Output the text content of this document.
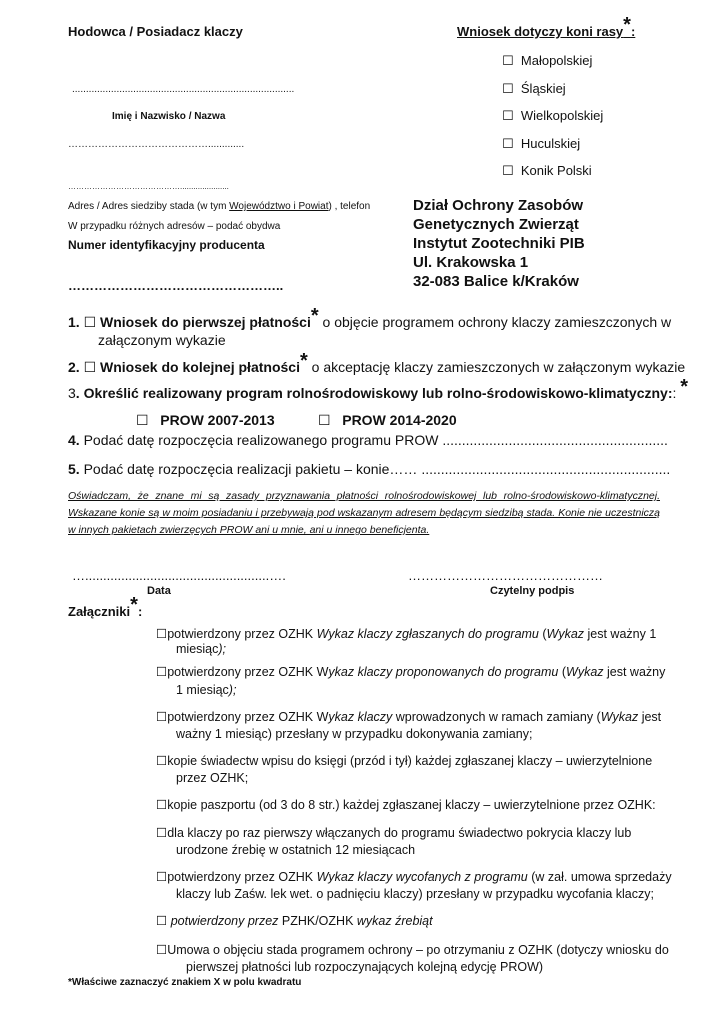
Hodowca / Posiadacz klaczy	Wniosek dotyczy koni rasy*:
☐ Małopolskiej
☐ Śląskiej
☐ Wielkopolskiej
☐ Huculskiej
☐ Konik Polski
................................................................................
Imię i Nazwisko / Nazwa
…………………………………….............
……………………………………......................
Adres / Adres siedziby stada (w tym Województwo i Powiat) , telefon
W przypadku różnych adresów – podać obydwa
Numer identyfikacyjny producenta
…………………………………………..
Dział Ochrony Zasobów
Genetycznych Zwierząt
Instytut Zootechniki PIB
Ul. Krakowska 1
32-083 Balice k/Kraków
1. ☐ Wniosek do pierwszej płatności* o objęcie programem ochrony klaczy zamieszczonych w
załączonym wykazie
2. ☐ Wniosek do kolejnej płatności* o akceptację klaczy zamieszczonych w załączonym wykazie
3. Określić realizowany program rolnośrodowiskowy lub rolno-środowiskowo-klimatyczny:: *
☐ PROW 2007-2013	☐ PROW 2014-2020
4. Podać datę rozpoczęcia realizowanego programu PROW ..........................................................
5. Podać datę rozpoczęcia realizacji pakietu – konie…… ................................................................
Oświadczam, że znane mi są zasady przyznawania płatności rolnośrodowiskowej lub rolno-środowiskowo-klimatycznej. Wskazane konie są w moim posiadaniu i przebywają pod wskazanym adresem będącym siedzibą stada. Konie nie uczestniczą w innych pakietach zwierzęcych PROW ani u mnie, ani u innego beneficjenta.
…...................................................….
Data
………………………………………
Czytelny podpis
Załączniki*:
☐potwierdzony przez OZHK Wykaz klaczy zgłaszanych do programu (Wykaz jest ważny 1
miesiąc);
☐potwierdzony przez OZHK Wykaz klaczy proponowanych do programu (Wykaz jest ważny
1 miesiąc);
☐potwierdzony przez OZHK Wykaz klaczy wprowadzonych w ramach zamiany (Wykaz jest
ważny 1 miesiąc) przesłany w przypadku dokonywania zamiany;
☐kopie świadectw wpisu do księgi (przód i tył) każdej zgłaszanej klaczy – uwierzytelnione
przez OZHK;
☐kopie paszportu (od 3 do 8 str.) każdej zgłaszanej klaczy – uwierzytelnione przez OZHK:
☐dla klaczy po raz pierwszy włączanych do programu świadectwo pokrycia klaczy lub
urodzone źrebię w ostatnich 12 miesiącach
☐potwierdzony przez OZHK Wykaz klaczy wycofanych z programu (w zał. umowa sprzedaży
klaczy lub Zaśw. lek wet. o padnięciu klaczy) przesłany w przypadku wycofania klaczy;
☐ potwierdzony przez PZHK/OZHK wykaz źrebiąt
☐Umowa o objęciu stada programem ochrony – po otrzymaniu z OZHK (dotyczy wniosku do
pierwszej płatności lub rozpoczynających kolejną edycję PROW)
*Właściwe zaznaczyć znakiem X w polu kwadratu
